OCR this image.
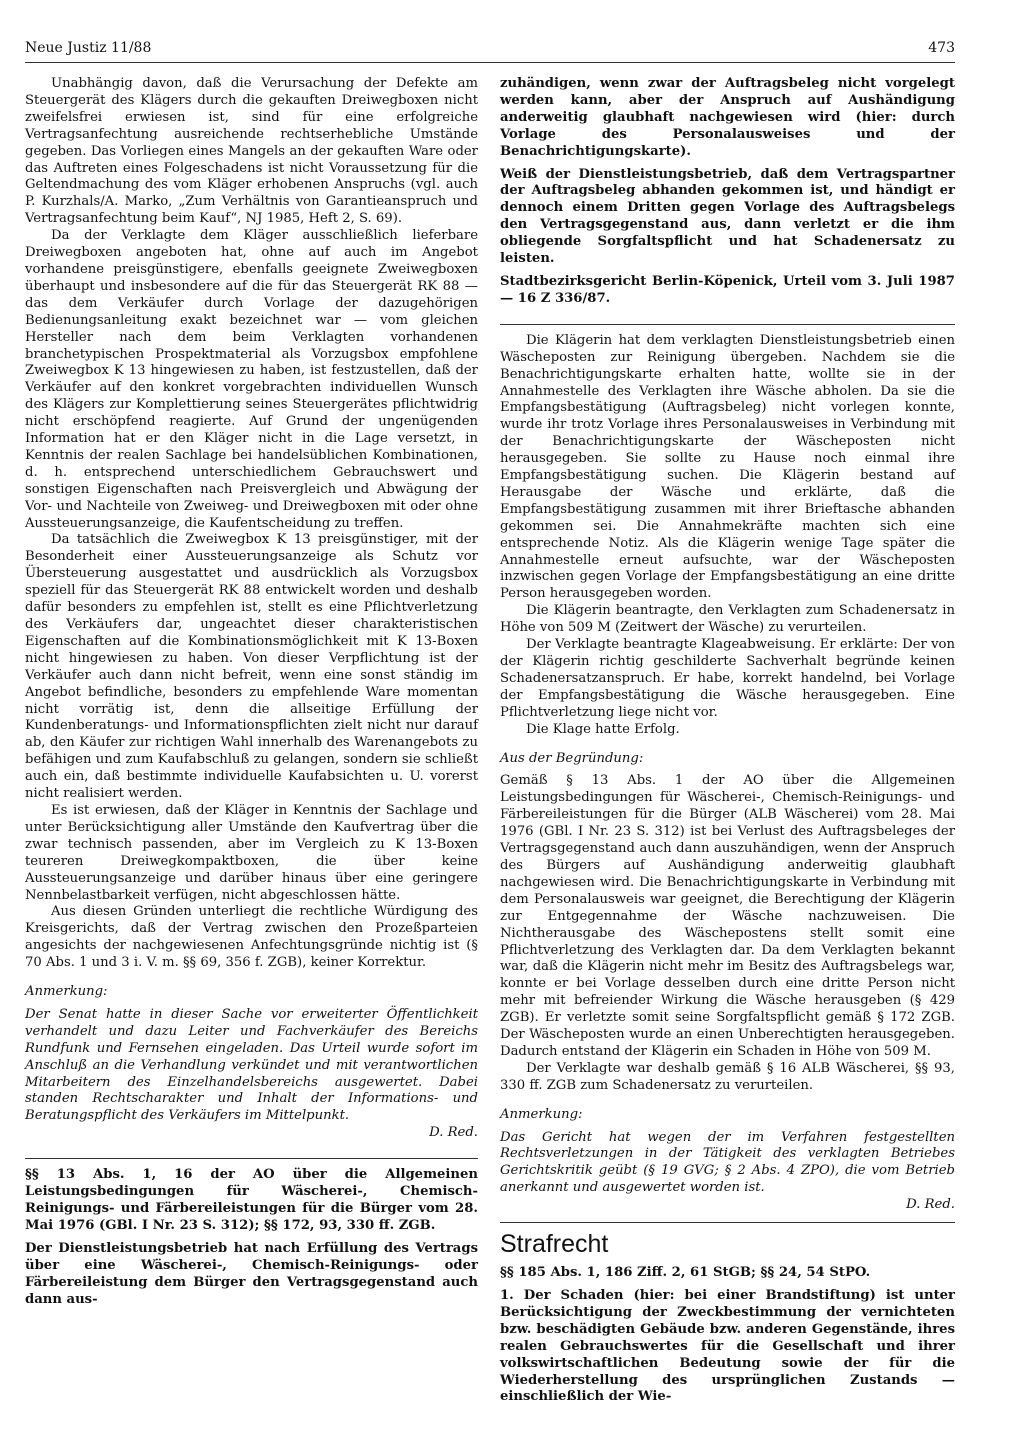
Neue Justiz 11/88	473

Unabhängig davon, daß die Verursachung der Defekte am Steuergerät des Klägers durch die gekauften Dreiwegboxen nicht zweifelsfrei erwiesen ist, sind für eine erfolgreiche Vertragsanfechtung ausreichende rechtserhebliche Umstände gegeben. Das Vorliegen eines Mangels an der gekauften Ware oder das Auftreten eines Folgeschadens ist nicht Voraussetzung für die Geltendmachung des vom Kläger erhobenen Anspruchs (vgl. auch P. Kurzhals/A. Marko, „Zum Verhältnis von Garantieanspruch und Vertragsanfechtung beim Kauf“, NJ 1985, Heft 2, S. 69).

Da der Verklagte dem Kläger ausschließlich lieferbare Dreiwegboxen angeboten hat, ohne auf auch im Angebot vorhandene preisgünstigere, ebenfalls geeignete Zweiwegboxen überhaupt und insbesondere auf die für das Steuergerät RK 88 — das dem Verkäufer durch Vorlage der dazugehörigen Bedienungsanleitung exakt bezeichnet war — vom gleichen Hersteller nach dem beim Verklagten vorhandenen branchetypischen Prospektmaterial als Vorzugsbox empfohlene Zweiwegbox K 13 hingewiesen zu haben, ist festzustellen, daß der Verkäufer auf den konkret vorgebrachten individuellen Wunsch des Klägers zur Komplettierung seines Steuergerätes pflichtwidrig nicht erschöpfend reagierte. Auf Grund der ungenügenden Information hat er den Kläger nicht in die Lage versetzt, in Kenntnis der realen Sachlage bei handelsüblichen Kombinationen, d. h. entsprechend unterschiedlichem Gebrauchswert und sonstigen Eigenschaften nach Preisvergleich und Abwägung der Vor- und Nachteile von Zweiweg- und Dreiwegboxen mit oder ohne Aussteuerungsanzeige, die Kaufentscheidung zu treffen.

Da tatsächlich die Zweiwegbox K 13 preisgünstiger, mit der Besonderheit einer Aussteuerungsanzeige als Schutz vor Übersteuerung ausgestattet und ausdrücklich als Vorzugsbox speziell für das Steuergerät RK 88 entwickelt worden und deshalb dafür besonders zu empfehlen ist, stellt es eine Pflichtverletzung des Verkäufers dar, ungeachtet dieser charakteristischen Eigenschaften auf die Kombinationsmöglichkeit mit K 13-Boxen nicht hingewiesen zu haben. Von dieser Verpflichtung ist der Verkäufer auch dann nicht befreit, wenn eine sonst ständig im Angebot befindliche, besonders zu empfehlende Ware momentan nicht vorrätig ist, denn die allseitige Erfüllung der Kundenberatungs- und Informationspflichten zielt nicht nur darauf ab, den Käufer zur richtigen Wahl innerhalb des Warenangebots zu befähigen und zum Kaufabschluß zu gelangen, sondern sie schließt auch ein, daß bestimmte individuelle Kaufabsichten u. U. vorerst nicht realisiert werden.

Es ist erwiesen, daß der Kläger in Kenntnis der Sachlage und unter Berücksichtigung aller Umstände den Kaufvertrag über die zwar technisch passenden, aber im Vergleich zu K 13-Boxen teureren Dreiwegkompaktboxen, die über keine Aussteuerungsanzeige und darüber hinaus über eine geringere Nennbelastbarkeit verfügen, nicht abgeschlossen hätte.

Aus diesen Gründen unterliegt die rechtliche Würdigung des Kreisgerichts, daß der Vertrag zwischen den Prozeßparteien angesichts der nachgewiesenen Anfechtungsgründe nichtig ist (§ 70 Abs. 1 und 3 i. V. m. §§ 69, 356 f. ZGB), keiner Korrektur.

Anmerkung:

Der Senat hatte in dieser Sache vor erweiterter Öffentlichkeit verhandelt und dazu Leiter und Fachverkäufer des Bereichs Rundfunk und Fernsehen eingeladen. Das Urteil wurde sofort im Anschluß an die Verhandlung verkündet und mit verantwortlichen Mitarbeitern des Einzelhandelsbereichs ausgewertet. Dabei standen Rechtscharakter und Inhalt der Informations- und Beratungspflicht des Verkäufers im Mittelpunkt.

D. Red.

§§ 13 Abs. 1, 16 der AO über die Allgemeinen Leistungsbedingungen für Wäscherei-, Chemisch-Reinigungs- und Färbereileistungen für die Bürger vom 28. Mai 1976 (GBl. I Nr. 23 S. 312); §§ 172, 93, 330 ff. ZGB.

Der Dienstleistungsbetrieb hat nach Erfüllung des Vertrags über eine Wäscherei-, Chemisch-Reinigungs- oder Färbereileistung dem Bürger den Vertragsgegenstand auch dann aus-

zuhändigen, wenn zwar der Auftragsbeleg nicht vorgelegt werden kann, aber der Anspruch auf Aushändigung anderweitig glaubhaft nachgewiesen wird (hier: durch Vorlage des Personalausweises und der Benachrichtigungskarte).

Weiß der Dienstleistungsbetrieb, daß dem Vertragspartner der Auftragsbeleg abhanden gekommen ist, und händigt er dennoch einem Dritten gegen Vorlage des Auftragsbelegs den Vertragsgegenstand aus, dann verletzt er die ihm obliegende Sorgfaltspflicht und hat Schadenersatz zu leisten.

Stadtbezirksgericht Berlin-Köpenick, Urteil vom 3. Juli 1987 — 16 Z 336/87.

Die Klägerin hat dem verklagten Dienstleistungsbetrieb einen Wäscheposten zur Reinigung übergeben. Nachdem sie die Benachrichtigungskarte erhalten hatte, wollte sie in der Annahmestelle des Verklagten ihre Wäsche abholen. Da sie die Empfangsbestätigung (Auftragsbeleg) nicht vorlegen konnte, wurde ihr trotz Vorlage ihres Personalausweises in Verbindung mit der Benachrichtigungskarte der Wäscheposten nicht herausgegeben. Sie sollte zu Hause noch einmal ihre Empfangsbestätigung suchen. Die Klägerin bestand auf Herausgabe der Wäsche und erklärte, daß die Empfangsbestätigung zusammen mit ihrer Brieftasche abhanden gekommen sei. Die Annahmekräfte machten sich eine entsprechende Notiz. Als die Klägerin wenige Tage später die Annahmestelle erneut aufsuchte, war der Wäscheposten inzwischen gegen Vorlage der Empfangsbestätigung an eine dritte Person herausgegeben worden.

Die Klägerin beantragte, den Verklagten zum Schadenersatz in Höhe von 509 M (Zeitwert der Wäsche) zu verurteilen.

Der Verklagte beantragte Klageabweisung. Er erklärte: Der von der Klägerin richtig geschilderte Sachverhalt begründe keinen Schadenersatzanspruch. Er habe, korrekt handelnd, bei Vorlage der Empfangsbestätigung die Wäsche herausgegeben. Eine Pflichtverletzung liege nicht vor.

Die Klage hatte Erfolg.

Aus der Begründung:

Gemäß § 13 Abs. 1 der AO über die Allgemeinen Leistungsbedingungen für Wäscherei-, Chemisch-Reinigungs- und Färbereileistungen für die Bürger (ALB Wäscherei) vom 28. Mai 1976 (GBl. I Nr. 23 S. 312) ist bei Verlust des Auftragsbeleges der Vertragsgegenstand auch dann auszuhändigen, wenn der Anspruch des Bürgers auf Aushändigung anderweitig glaubhaft nachgewiesen wird. Die Benachrichtigungskarte in Verbindung mit dem Personalausweis war geeignet, die Berechtigung der Klägerin zur Entgegennahme der Wäsche nachzuweisen. Die Nichtherausgabe des Wäschepostens stellt somit eine Pflichtverletzung des Verklagten dar. Da dem Verklagten bekannt war, daß die Klägerin nicht mehr im Besitz des Auftragsbelegs war, konnte er bei Vorlage desselben durch eine dritte Person nicht mehr mit befreiender Wirkung die Wäsche herausgeben (§ 429 ZGB). Er verletzte somit seine Sorgfaltspflicht gemäß § 172 ZGB. Der Wäscheposten wurde an einen Unberechtigten herausgegeben. Dadurch entstand der Klägerin ein Schaden in Höhe von 509 M.

Der Verklagte war deshalb gemäß § 16 ALB Wäscherei, §§ 93, 330 ff. ZGB zum Schadenersatz zu verurteilen.

Anmerkung:

Das Gericht hat wegen der im Verfahren festgestellten Rechtsverletzungen in der Tätigkeit des verklagten Betriebes Gerichtskritik geübt (§ 19 GVG; § 2 Abs. 4 ZPO), die vom Betrieb anerkannt und ausgewertet worden ist.

D. Red.

Strafrecht

§§ 185 Abs. 1, 186 Ziff. 2, 61 StGB; §§ 24, 54 StPO.

1. Der Schaden (hier: bei einer Brandstiftung) ist unter Berücksichtigung der Zweckbestimmung der vernichteten bzw. beschädigten Gebäude bzw. anderen Gegenstände, ihres realen Gebrauchswertes für die Gesellschaft und ihrer volkswirtschaftlichen Bedeutung sowie der für die Wiederherstellung des ursprünglichen Zustands — einschließlich der Wie-
